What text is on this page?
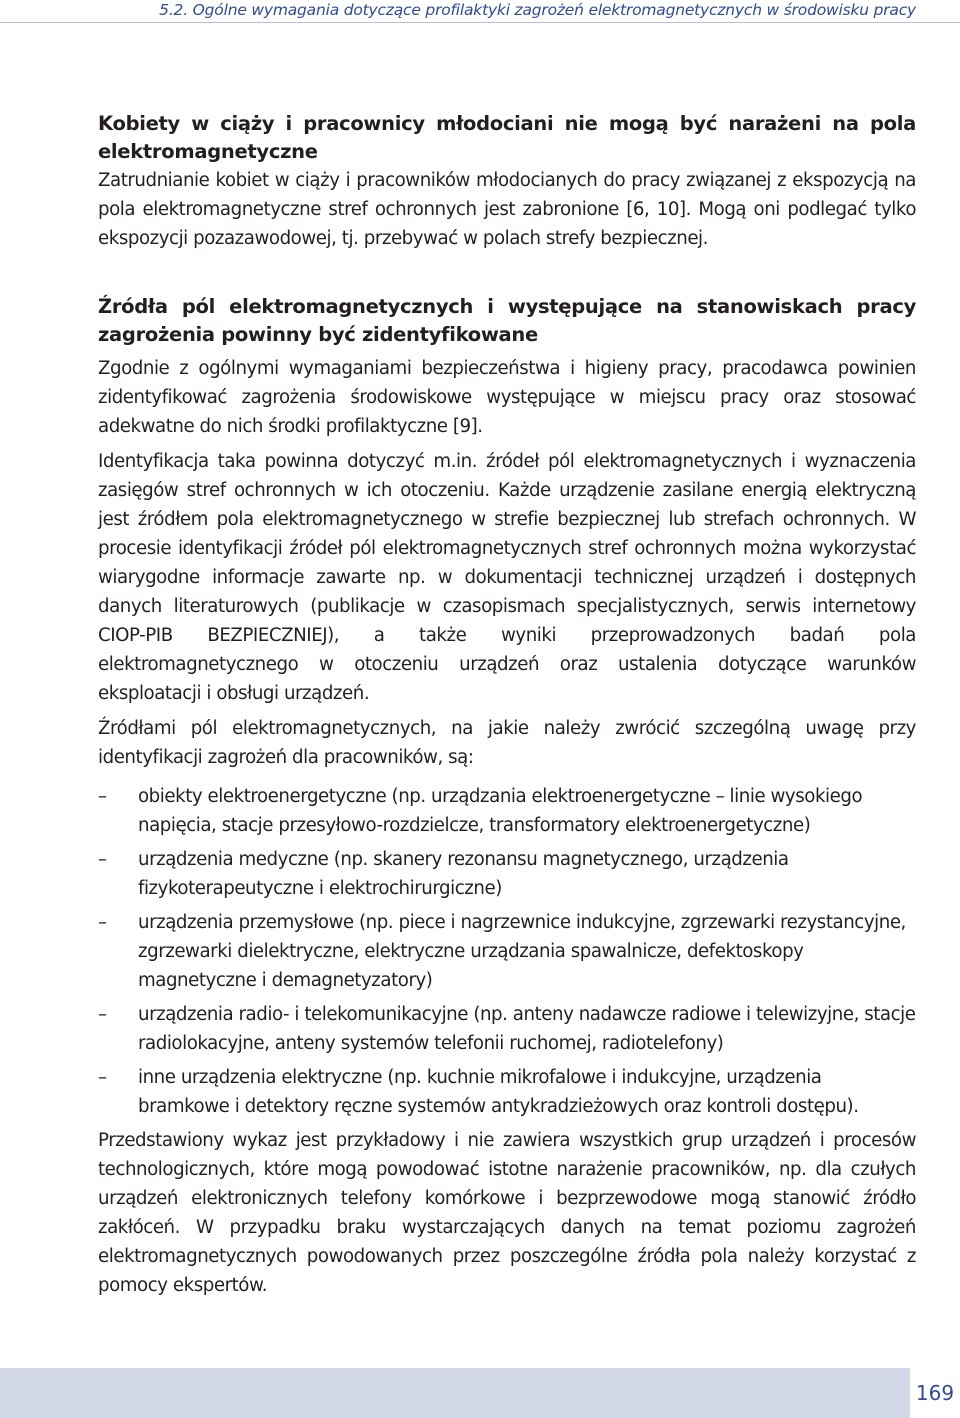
5.2. Ogólne wymagania dotyczące profilaktyki zagrożeń elektromagnetycznych w środowisku pracy
Kobiety w ciąży i pracownicy młodociani nie mogą być narażeni na pola elektromagnetyczne

Zatrudnianie kobiet w ciąży i pracowników młodocianych do pracy związanej z ekspozycją na pola elektromagnetyczne stref ochronnych jest zabronione [6, 10]. Mogą oni podlegać tylko ekspozycji pozazawodowej, tj. przebywać w polach strefy bezpiecznej.

Źródła pól elektromagnetycznych i występujące na stanowiskach pracy zagrożenia powinny być zidentyfikowane

Zgodnie z ogólnymi wymaganiami bezpieczeństwa i higieny pracy, pracodawca powinien zidentyfikować zagrożenia środowiskowe występujące w miejscu pracy oraz stosować adekwatne do nich środki profilaktyczne [9].

Identyfikacja taka powinna dotyczyć m.in. źródeł pól elektromagnetycznych i wyznaczenia zasięgów stref ochronnych w ich otoczeniu. Każde urządzenie zasilane energią elektryczną jest źródłem pola elektromagnetycznego w strefie bezpiecznej lub strefach ochronnych. W procesie identyfikacji źródeł pól elektromagnetycznych stref ochronnych można wykorzystać wiarygodne informacje zawarte np. w dokumentacji technicznej urządzeń i dostępnych danych literaturowych (publikacje w czasopismach specjalistycznych, serwis internetowy CIOP-PIB BEZPIECZNIEJ), a także wyniki przeprowadzonych badań pola elektromagnetycznego w otoczeniu urządzeń oraz ustalenia dotyczące warunków eksploatacji i obsługi urządzeń.

Źródłami pól elektromagnetycznych, na jakie należy zwrócić szczególną uwagę przy identyfikacji zagrożeń dla pracowników, są:

– obiekty elektroenergetyczne (np. urządzania elektroenergetyczne – linie wysokiego napięcia, stacje przesyłowo-rozdzielcze, transformatory elektroenergetyczne)

– urządzenia medyczne (np. skanery rezonansu magnetycznego, urządzenia fizykoterapeutyczne i elektrochirurgiczne)

– urządzenia przemysłowe (np. piece i nagrzewnice indukcyjne, zgrzewarki rezystancyjne, zgrzewarki dielektryczne, elektryczne urządzania spawalnicze, defektoskopy magnetyczne i demagnetyzatory)

– urządzenia radio- i telekomunikacyjne (np. anteny nadawcze radiowe i telewizyjne, stacje radiolokacyjne, anteny systemów telefonii ruchomej, radiotelefony)

– inne urządzenia elektryczne (np. kuchnie mikrofalowe i indukcyjne, urządzenia bramkowe i detektory ręczne systemów antykradzieżowych oraz kontroli dostępu).

Przedstawiony wykaz jest przykładowy i nie zawiera wszystkich grup urządzeń i procesów technologicznych, które mogą powodować istotne narażenie pracowników, np. dla czułych urządzeń elektronicznych telefony komórkowe i bezprzewodowe mogą stanowić źródło zakłóceń. W przypadku braku wystarczających danych na temat poziomu zagrożeń elektromagnetycznych powodowanych przez poszczególne źródła pola należy korzystać z pomocy ekspertów.

169
